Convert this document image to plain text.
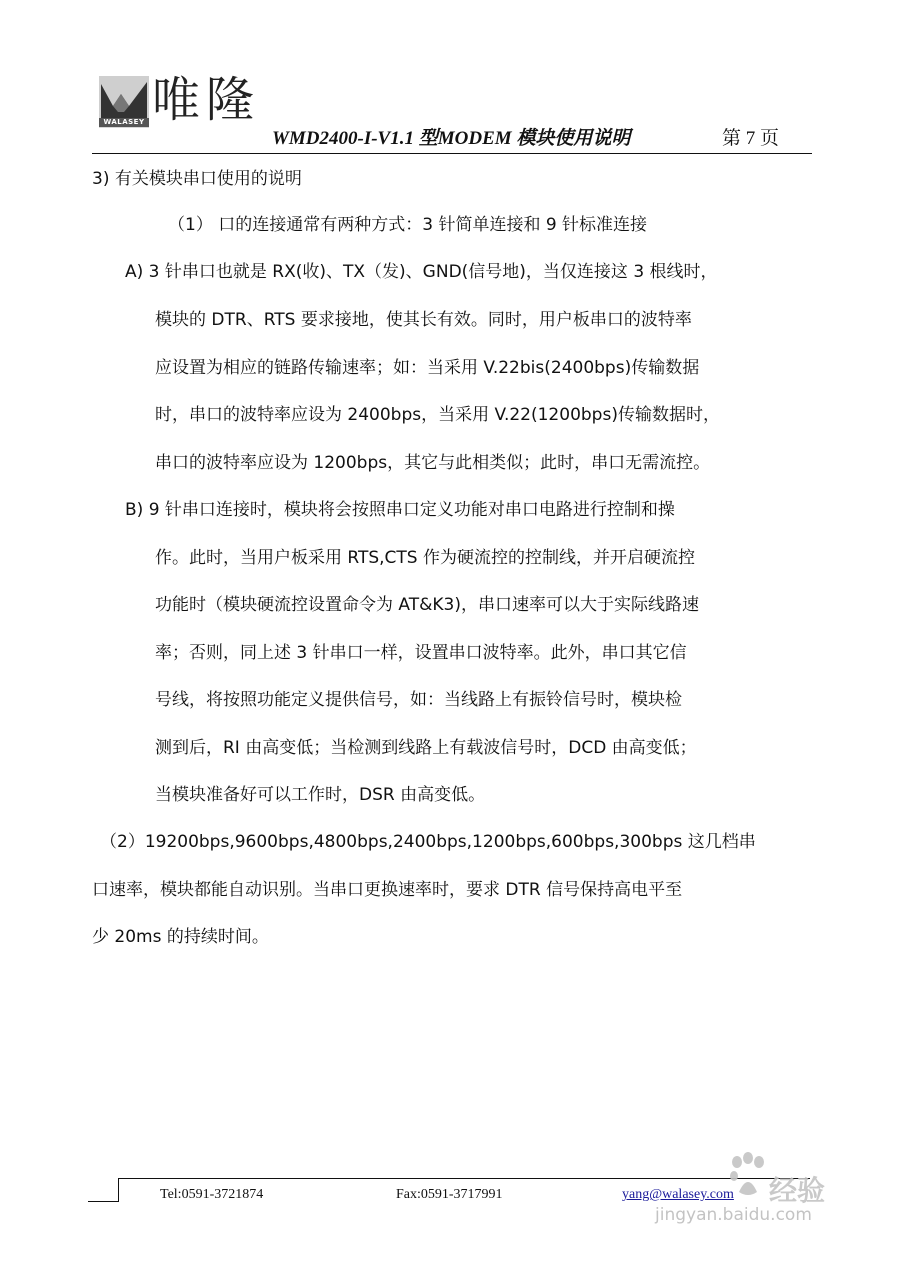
WALASEY 唯隆
WMD2400-I-V1.1 型MODEM 模块使用说明	第 7 页
3) 有关模块串口使用的说明
（1） 口的连接通常有两种方式：3 针简单连接和 9 针标准连接
A) 3 针串口也就是 RX(收)、TX（发)、GND(信号地)，当仅连接这 3 根线时，
模块的 DTR、RTS 要求接地，使其长有效。同时，用户板串口的波特率
应设置为相应的链路传输速率；如：当采用 V.22bis(2400bps)传输数据
时，串口的波特率应设为 2400bps，当采用 V.22(1200bps)传输数据时，
串口的波特率应设为 1200bps，其它与此相类似；此时，串口无需流控。
B) 9 针串口连接时，模块将会按照串口定义功能对串口电路进行控制和操
作。此时，当用户板采用 RTS,CTS 作为硬流控的控制线，并开启硬流控
功能时（模块硬流控设置命令为 AT&K3)，串口速率可以大于实际线路速
率；否则，同上述 3 针串口一样，设置串口波特率。此外，串口其它信
号线，将按照功能定义提供信号，如：当线路上有振铃信号时，模块检
测到后，RI 由高变低；当检测到线路上有载波信号时，DCD 由高变低；
当模块准备好可以工作时，DSR 由高变低。
（2）19200bps,9600bps,4800bps,2400bps,1200bps,600bps,300bps 这几档串
口速率，模块都能自动识别。当串口更换速率时，要求 DTR 信号保持高电平至
少 20ms 的持续时间。
Tel:0591-3721874	Fax:0591-3717991	yang@walasey.com 经验
jingyan.baidu.com
